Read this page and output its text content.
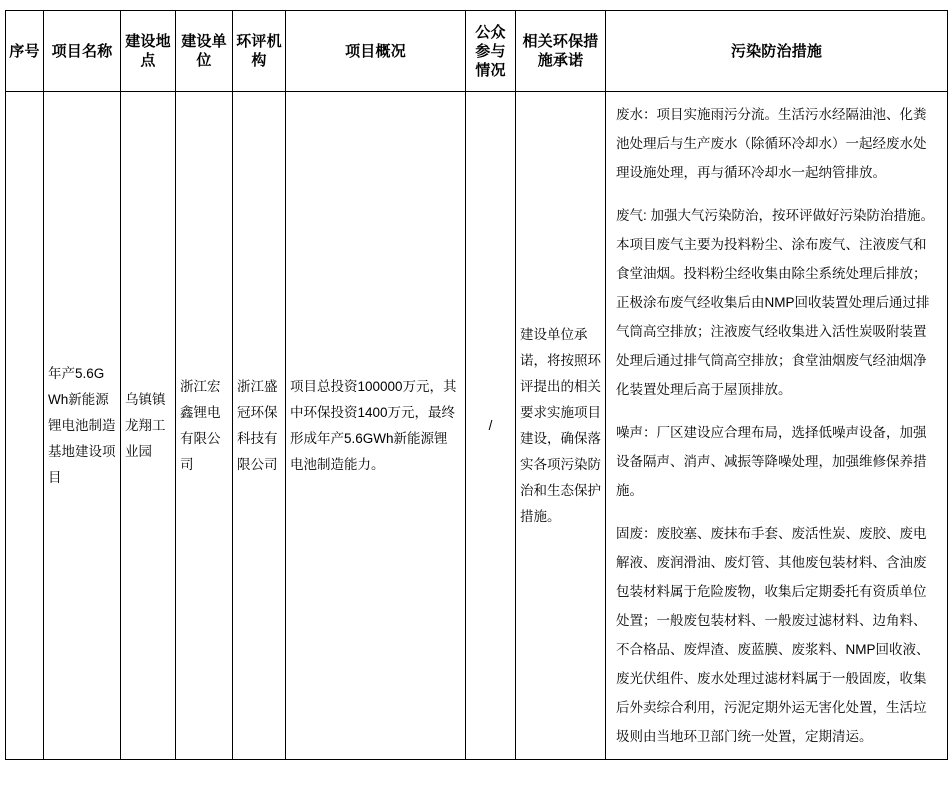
序号	项目名称	建设地点	建设单位	环评机构	项目概况	公众参与情况	相关环保措施承诺	污染防治措施

	年产5.6GWh新能源锂电池制造基地建设项目	乌镇镇龙翔工业园	浙江宏鑫锂电有限公司	浙江盛冠环保科技有限公司	项目总投资100000万元，其中环保投资1400万元，最终形成年产5.6GWh新能源锂电池制造能力。	/	建设单位承诺，将按照环评提出的相关要求实施项目建设，确保落实各项污染防治和生态保护措施。	废水：项目实施雨污分流。生活污水经隔油池、化粪池处理后与生产废水（除循环冷却水）一起经废水处理设施处理，再与循环冷却水一起纳管排放。

废气: 加强大气污染防治，按环评做好污染防治措施。本项目废气主要为投料粉尘、涂布废气、注液废气和食堂油烟。投料粉尘经收集由除尘系统处理后排放；正极涂布废气经收集后由NMP回收装置处理后通过排气筒高空排放；注液废气经收集进入活性炭吸附装置处理后通过排气筒高空排放；食堂油烟废气经油烟净化装置处理后高于屋顶排放。

噪声：厂区建设应合理布局，选择低噪声设备，加强设备隔声、消声、减振等降噪处理，加强维修保养措施。

固废：废胶塞、废抹布手套、废活性炭、废胶、废电解液、废润滑油、废灯管、其他废包装材料、含油废包装材料属于危险废物，收集后定期委托有资质单位处置；一般废包装材料、一般废过滤材料、边角料、不合格品、废焊渣、废蓝膜、废浆料、NMP回收液、废光伏组件、废水处理过滤材料属于一般固废，收集后外卖综合利用，污泥定期外运无害化处置，生活垃圾则由当地环卫部门统一处置，定期清运。
